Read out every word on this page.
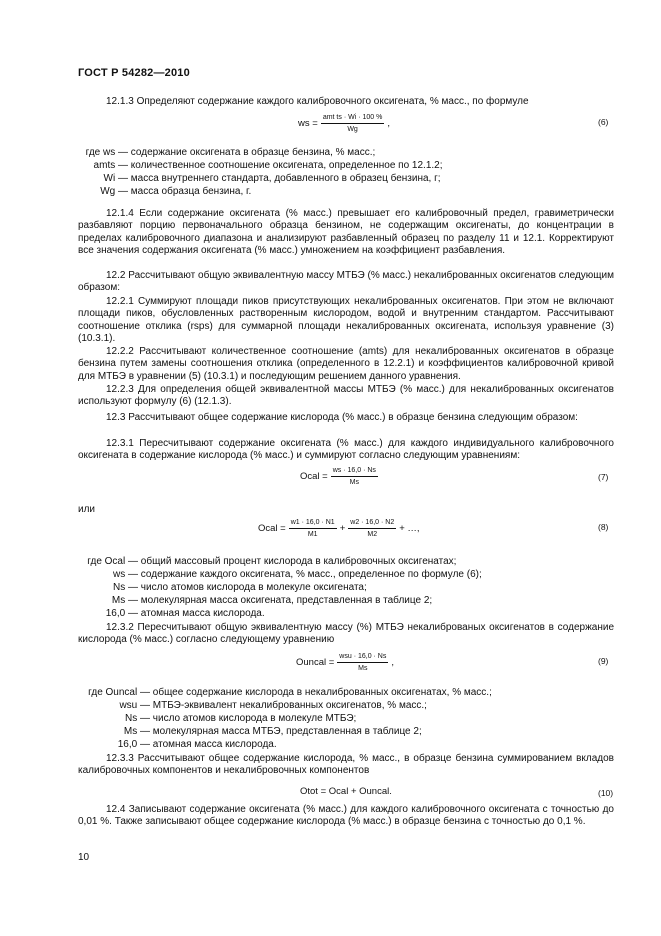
ГОСТ Р 54282—2010

12.1.3 Определяют содержание каждого калибровочного оксигената, % масс., по формуле

ws = $\frac{\text{amt ts · Wi · 100 \%}}{Wg}$ ,	(6)
где ws — содержание оксигената в образце бензина, % масс.;
amts — количественное соотношение оксигената, определенное по 12.1.2;
Wi — масса внутреннего стандарта, добавленного в образец бензина, г;
Wg — масса образца бензина, г.

12.1.4 Если содержание оксигената (% масс.) превышает его калибровочный предел, гравиметрически разбавляют порцию первоначального образца бензином, не содержащим оксигенаты, до концентрации в пределах калибровочного диапазона и анализируют разбавленный образец по разделу 11 и 12.1. Корректируют все значения содержания оксигената (% масс.) умножением на коэффициент разбавления.

12.2 Рассчитывают общую эквивалентную массу МТБЭ (% масс.) некалиброванных оксигенатов следующим образом:

12.2.1 Суммируют площади пиков присутствующих некалиброванных оксигенатов. При этом не включают площади пиков, обусловленных растворенным кислородом, водой и внутренним стандартом. Рассчитывают соотношение отклика (rsps) для суммарной площади некалиброванных оксигената, используя уравнение (3) (10.3.1).

12.2.2 Рассчитывают количественное соотношение (amts) для некалиброванных оксигенатов в образце бензина путем замены соотношения отклика (определенного в 12.2.1) и коэффициентов калибровочной кривой для МТБЭ в уравнении (5) (10.3.1) и последующим решением данного уравнения.

12.2.3 Для определения общей эквивалентной массы МТБЭ (% масс.) для некалиброванных оксигенатов используют формулу (6) (12.1.3).

12.3 Рассчитывают общее содержание кислорода (% масс.) в образце бензина следующим образом:

12.3.1 Пересчитывают содержание оксигената (% масс.) для каждого индивидуального калибровочного оксигената в содержание кислорода (% масс.) и суммируют согласно следующим уравнениям:

Ocal = $\frac{ws \cdot 16,0 \cdot Ns}{Ms}$	(7)
или
Ocal = $\frac{w1 \cdot 16,0 \cdot N1}{M1} + \frac{w2 \cdot 16,0 \cdot N2}{M2}$ + …,	(8)
где Ocal — общий массовый процент кислорода в калибровочных оксигенатах;
ws — содержание каждого оксигената, % масс., определенное по формуле (6);
Ns — число атомов кислорода в молекуле оксигената;
Ms — молекулярная масса оксигената, представленная в таблице 2;
16,0 — атомная масса кислорода.

12.3.2 Пересчитывают общую эквивалентную массу (%) МТБЭ некалиброваных оксигенатов в содержание кислорода (% масс.) согласно следующему уравнению

Ouncal = $\frac{\text{wsu · 16,0 · Ns}}{Ms}$ ,	(9)
где Ouncal — общее содержание кислорода в некалиброванных оксигенатах, % масс.;
wsu — МТБЭ-эквивалент некалиброванных оксигенатов, % масс.;
Ns — число атомов кислорода в молекуле МТБЭ;
Ms — молекулярная масса МТБЭ, представленная в таблице 2;
16,0 — атомная масса кислорода.

12.3.3 Рассчитывают общее содержание кислорода, % масс., в образце бензина суммированием вкладов калибровочных компонентов и некалибровочных компонентов

Otot = Ocal + Ouncal.	(10)

12.4 Записывают содержание оксигената (% масс.) для каждого калибровочного оксигената с точностью до 0,01 %. Также записывают общее содержание кислорода (% масс.) в образце бензина с точностью до 0,1 %.

10
